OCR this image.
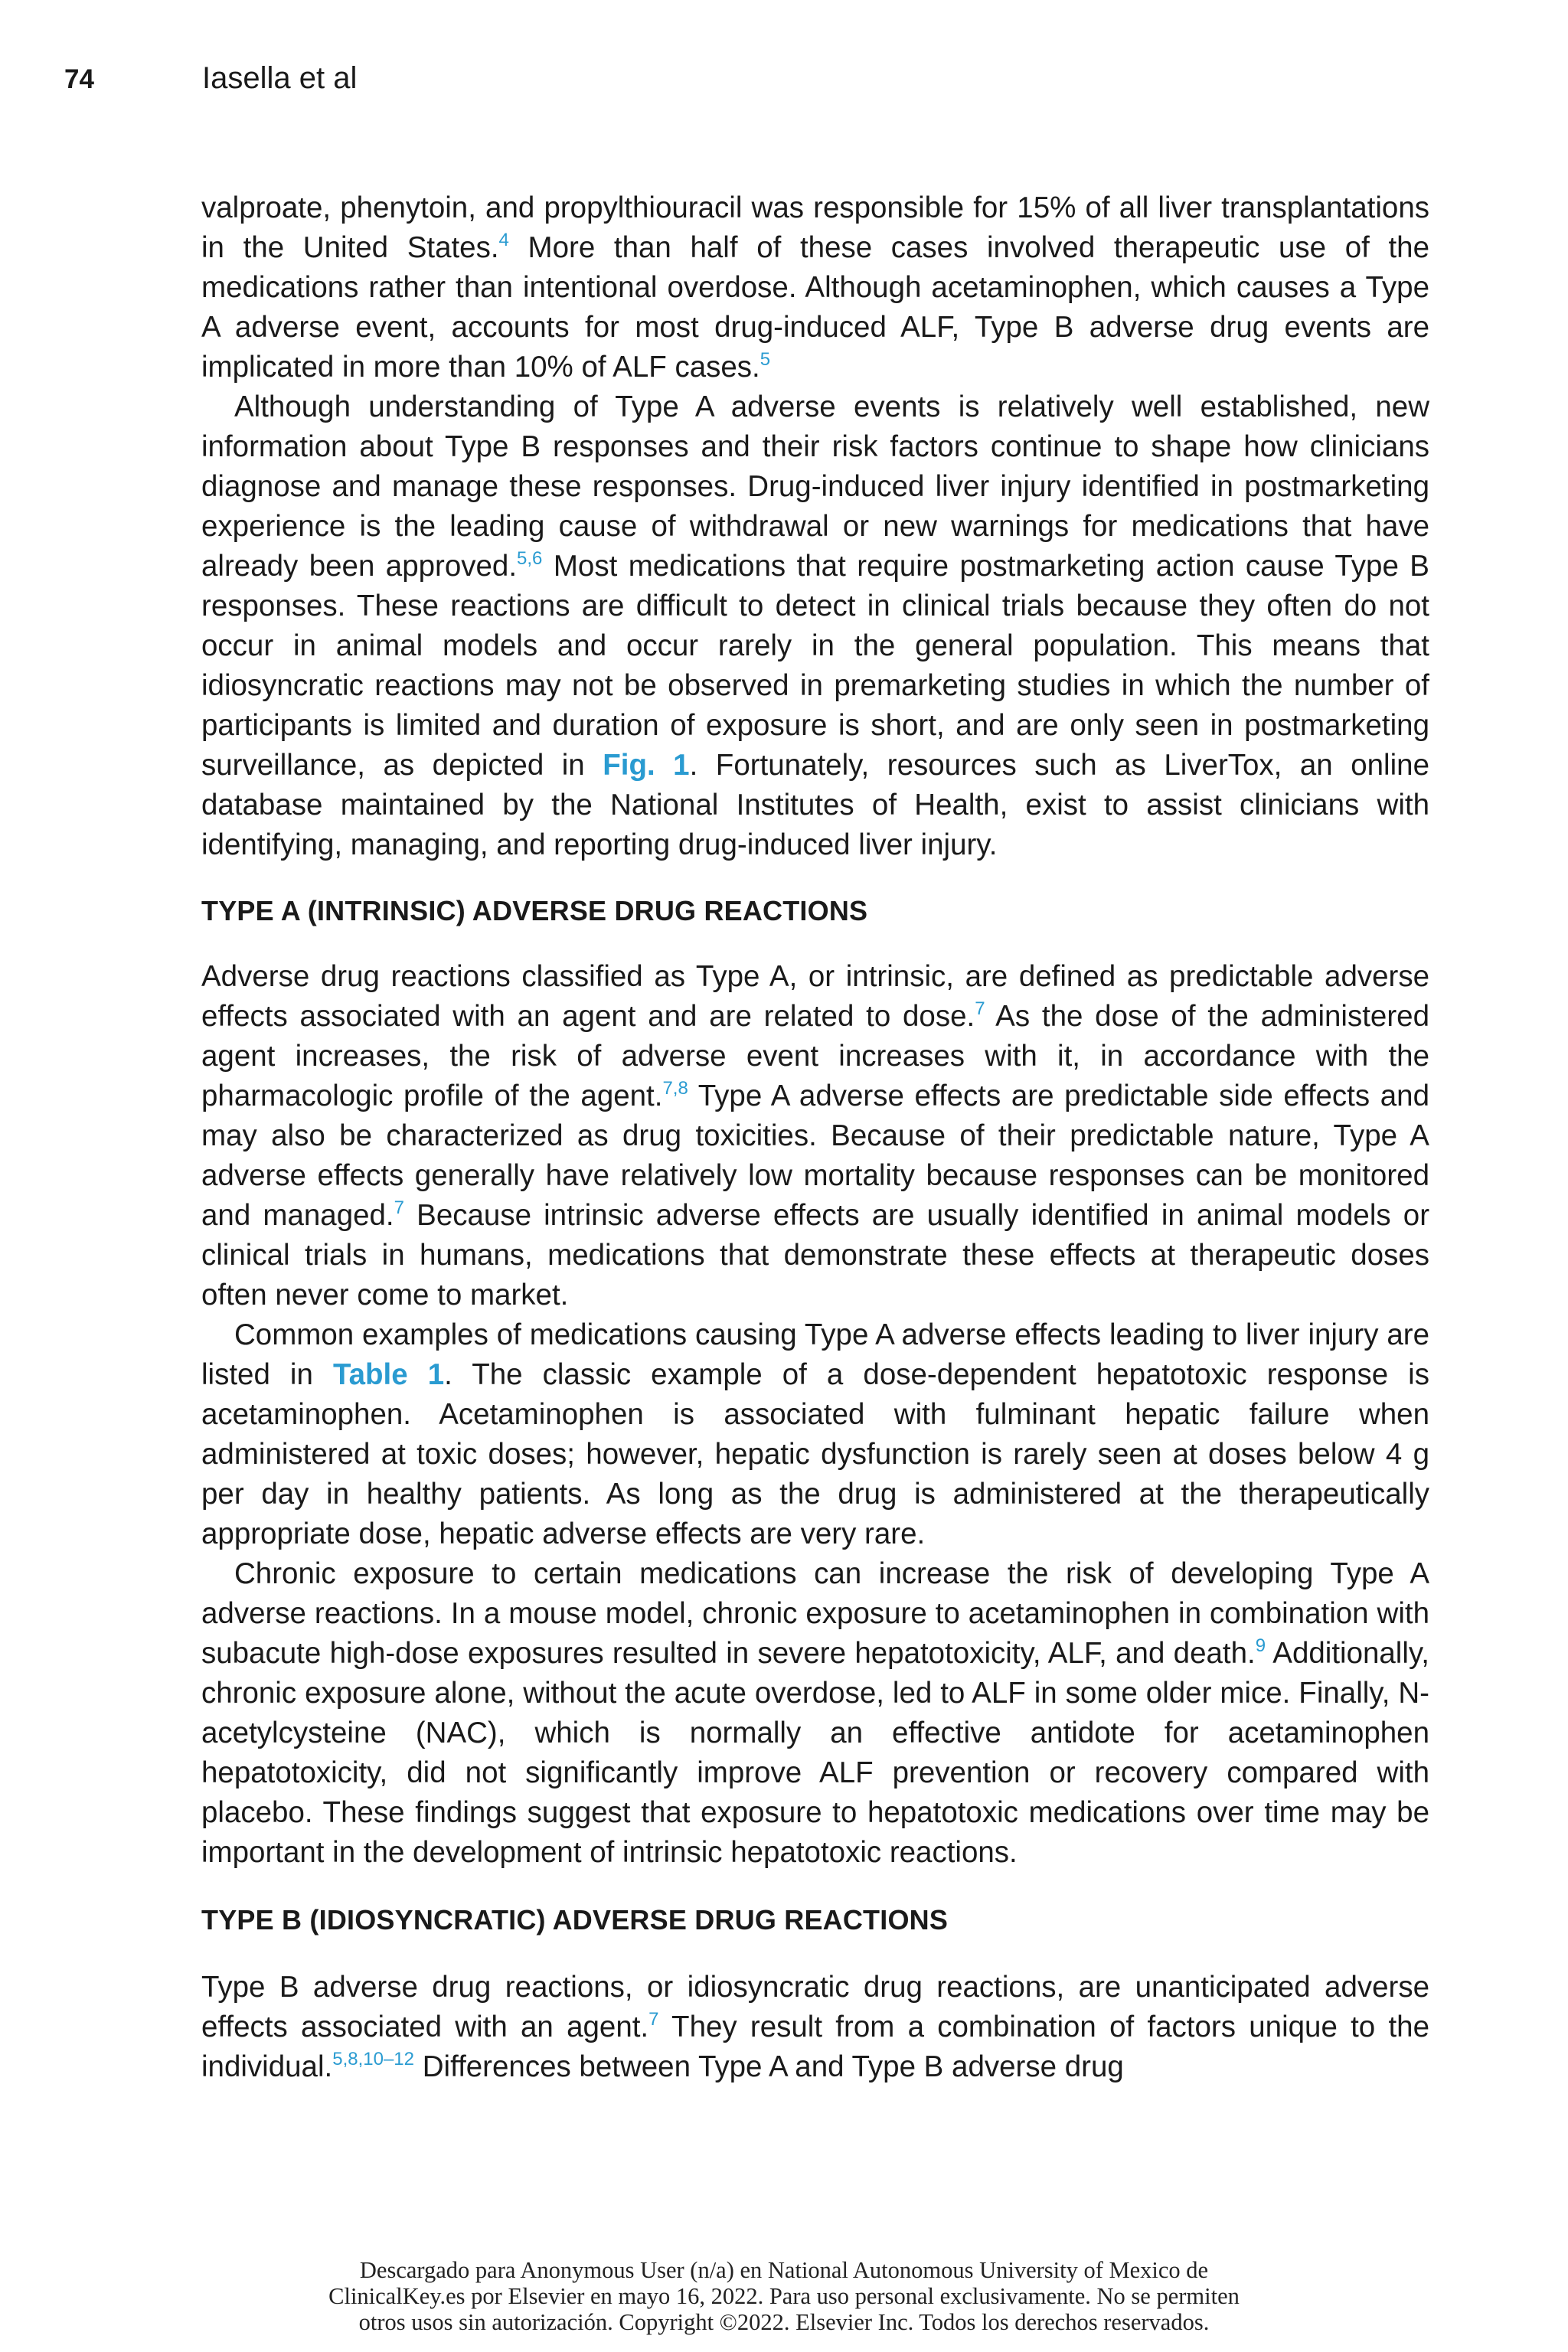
74	Iasella et al

valproate, phenytoin, and propylthiouracil was responsible for 15% of all liver transplantations in the United States.$^4$ More than half of these cases involved therapeutic use of the medications rather than intentional overdose. Although acetaminophen, which causes a Type A adverse event, accounts for most drug-induced ALF, Type B adverse drug events are implicated in more than 10% of ALF cases.$^5$

Although understanding of Type A adverse events is relatively well established, new information about Type B responses and their risk factors continue to shape how clinicians diagnose and manage these responses. Drug-induced liver injury identified in postmarketing experience is the leading cause of withdrawal or new warnings for medications that have already been approved.$^{5,6}$ Most medications that require postmarketing action cause Type B responses. These reactions are difficult to detect in clinical trials because they often do not occur in animal models and occur rarely in the general population. This means that idiosyncratic reactions may not be observed in premarketing studies in which the number of participants is limited and duration of exposure is short, and are only seen in postmarketing surveillance, as depicted in Fig. 1. Fortunately, resources such as LiverTox, an online database maintained by the National Institutes of Health, exist to assist clinicians with identifying, managing, and reporting drug-induced liver injury.

TYPE A (INTRINSIC) ADVERSE DRUG REACTIONS

Adverse drug reactions classified as Type A, or intrinsic, are defined as predictable adverse effects associated with an agent and are related to dose.$^7$ As the dose of the administered agent increases, the risk of adverse event increases with it, in accordance with the pharmacologic profile of the agent.$^{7,8}$ Type A adverse effects are predictable side effects and may also be characterized as drug toxicities. Because of their predictable nature, Type A adverse effects generally have relatively low mortality because responses can be monitored and managed.$^7$ Because intrinsic adverse effects are usually identified in animal models or clinical trials in humans, medications that demonstrate these effects at therapeutic doses often never come to market.

Common examples of medications causing Type A adverse effects leading to liver injury are listed in Table 1. The classic example of a dose-dependent hepatotoxic response is acetaminophen. Acetaminophen is associated with fulminant hepatic failure when administered at toxic doses; however, hepatic dysfunction is rarely seen at doses below 4 g per day in healthy patients. As long as the drug is administered at the therapeutically appropriate dose, hepatic adverse effects are very rare.

Chronic exposure to certain medications can increase the risk of developing Type A adverse reactions. In a mouse model, chronic exposure to acetaminophen in combination with subacute high-dose exposures resulted in severe hepatotoxicity, ALF, and death.$^9$ Additionally, chronic exposure alone, without the acute overdose, led to ALF in some older mice. Finally, N-acetylcysteine (NAC), which is normally an effective antidote for acetaminophen hepatotoxicity, did not significantly improve ALF prevention or recovery compared with placebo. These findings suggest that exposure to hepatotoxic medications over time may be important in the development of intrinsic hepatotoxic reactions.

TYPE B (IDIOSYNCRATIC) ADVERSE DRUG REACTIONS

Type B adverse drug reactions, or idiosyncratic drug reactions, are unanticipated adverse effects associated with an agent.$^7$ They result from a combination of factors unique to the individual.$^{5,8,10-12}$ Differences between Type A and Type B adverse drug

Descargado para Anonymous User (n/a) en National Autonomous University of Mexico de
ClinicalKey.es por Elsevier en mayo 16, 2022. Para uso personal exclusivamente. No se permiten
otros usos sin autorización. Copyright ©2022. Elsevier Inc. Todos los derechos reservados.
